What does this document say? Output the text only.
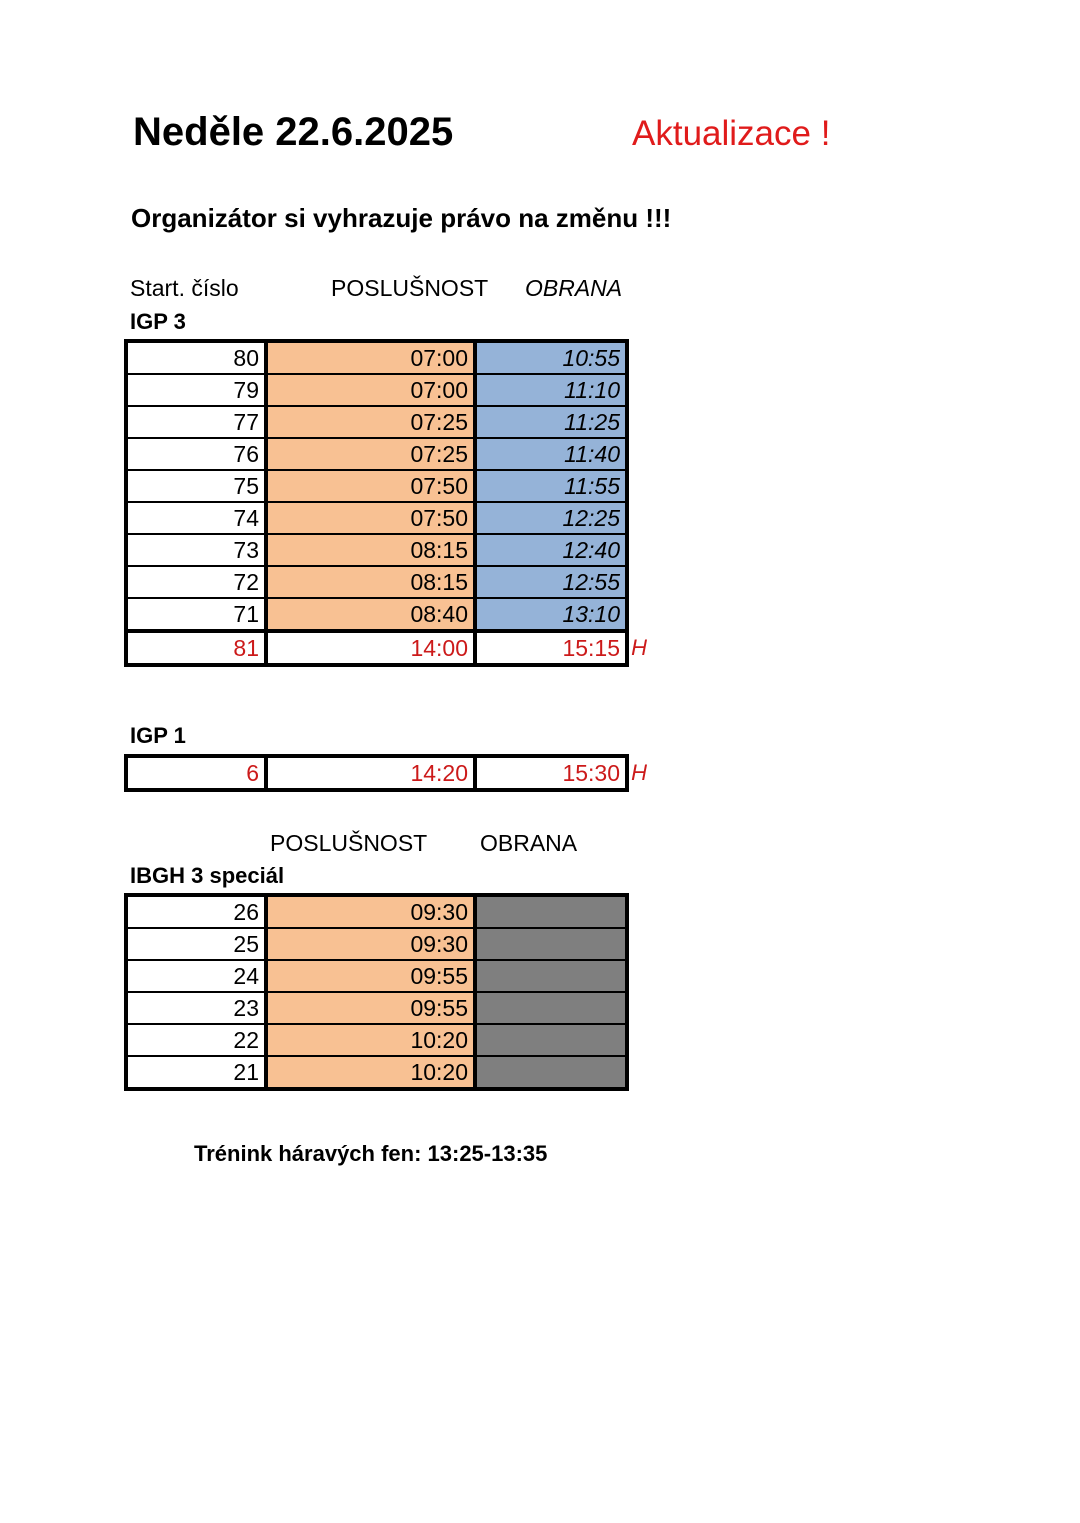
Neděle 22.6.2025	Aktualizace !
Organizátor si vyhrazuje právo na změnu !!!
Start. číslo	POSLUŠNOST OBRANA
IGP 3
80	07:00	10:55
79	07:00	11:10
77	07:25	11:25
76	07:25	11:40
75	07:50	11:55
74	07:50	12:25
73	08:15	12:40
72	08:15	12:55
71	08:40	13:10
81	14:00	15:15 H
IGP 1
6	14:20	15:30 H
POSLUŠNOST OBRANA
IBGH 3 speciál
26	09:30	
25	09:30	
24	09:55	
23	09:55	
22	10:20	
21	10:20	
Trénink háravých fen: 13:25-13:35
